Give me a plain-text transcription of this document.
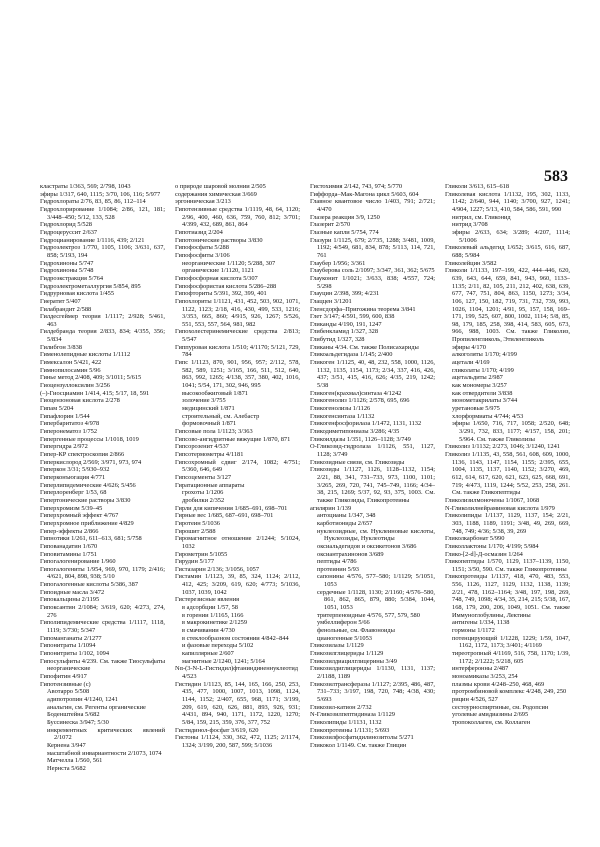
583

кластраты 1/363, 569; 2/798, 1043

эфиры 1/317, 640, 1115; 3/70, 106, 116; 5/977

Гидрохлораты 2/76, 83, 85, 86, 112–114

Гидрохлорирование 1/1084; 2/86, 121, 181; 3/448–450; 5/12, 133, 528

Гидрохлорид 5/528

Гидроцеруссит 2/637

Гидроцианирование 1/1116, 439; 2/121

Гидроэлектроз 1/770, 1105, 1106; 3/631, 637, 858; 5/193, 194

Гидрохиноны 5/747

Гидрохиноны 5/748

Гидроэкстракция 5/764

Гидроэлектрометаллургия 5/854, 895

Гидрурновая кислота 1/455

Гиератит 5/407

Гилабрандит 2/588

Гилдесгеймер теория 1/1117; 2/928; 5/461, 463

Гилдебранда теория 2/833, 834; 4/355, 356; 5/834

Гилибгон 3/838

Гименолепидные кислоты 1/1112

Гимексалон 5/421, 422

Гимнопилосамин 5/96

Гинье метод 2/408, 409; 3/1011; 5/615

Гиоцензуллоксилин 3/256

(–)-Гиосциамин 1/414, 415; 5/17, 18, 591

Гиоцензоновая кислота 2/278

Гипам 5/204

Гипафлорин 1/544

Гипербаритатоз 4/978

Гиперонематоз 1/752

Гипергенные процессы 1/1018, 1019

Гипергидра 2/972

Гипер-КР спектроскопия 2/866

Гиперкислород 2/569; 3/971, 973, 974

Гиперкон 3/31; 5/930–932

Гиперконъюгация 4/771

Гиперлипидемические 4/626; 5/456

Гиперлоренберг 1/53, 68

Гипертонические растворы 3/830

Гиперхромизм 5/39–45

Гиперхромный эффект 4/767

Гиперхромное приближение 4/829

Гипер-эффекты 2/866

Гипнотики 1/261, 611–613, 681; 5/758

Гипованадатин 1/670

Гиповитамины 1/751

Гипогалогенирование 1/960

Гипогалогениты 1/954, 969, 970, 1179; 2/416; 4/621, 804, 898, 938; 5/10

Гипогалогенные кислоты 5/386, 387

Гипоидные масла 3/472

Гипокальцины 2/1195

Гипоксантин 2/1084; 3/619, 620; 4/273, 274, 276

Гиполипидемические средства 1/1117, 1118, 1119; 3/730; 5/347

Гипоманганаты 2/1277

Гипонитраты 1/1094

Гипонитриты 1/102, 1094

Гипосульфиты 4/239. См. также Тиосульфаты неорганические

Гипофитин 4/917

Гипотензивные (с)

Авотарро 5/508

адипотропин 4/1240, 1241

анальгин, см. Регенты органические

Боденштейна 5/682

Буссинеска 3/947; 5/30

инкрементных критических явлений 2/1072

Кернена 3/947

масштабной инвариантности 2/1073, 1074

Матчелла 1/560, 561

Нернста 5/682

о природе шаровой молнии 2/505

содержания химическая 3/669

эргонническая 3/213

Гипотензивные средства 1/1119, 48, 64, 1120; 2/96, 400, 460, 636, 759, 760, 812; 3/701; 4/399, 432, 689, 861, 864

Гипотиазид 2/204

Гипотонические растворы 3/830

Гипофосфаты 5/288

Гипофосфиты 3/106

неорганические 1/1120; 5/288, 307

органические 1/1120, 1121

Гипофосфорная кислота 5/307

Гипофосфористая кислота 5/286–288

Гипофториты 5/391, 392, 399, 401

Гипохлориты 1/1121, 431, 452, 503, 902, 1071, 1122, 1123; 2/18, 416, 430, 499, 533, 1216; 3/353, 665, 860; 4/915, 926, 1267; 5/526, 551, 553, 557, 564, 981, 982

Гипохолестеринемические средства 2/813; 5/547

Гиппуровая кислота 1/510; 4/1170; 5/121, 729, 784

Гипс 1/1123, 870, 901, 956, 957; 2/112, 578, 582, 589, 1251; 3/165, 166, 511, 512, 640, 863, 992, 1265; 4/138, 357, 380, 402, 1016, 1041; 5/54, 171, 302, 946, 995

высокообжиговый 1/871

золочение 3/755

медицинский 1/871

строительный, см. Алебастр

формовочный 1/871

Гипсовые пола 1/1123; 3/363

Гипсово-ангидритные вяжущие 1/870, 871

Гипсорозенит 4/537

Гипсотермометры 4/1181

Гипсохромный сдвиг 2/174, 1082; 4/751; 5/360, 646, 649

Гипсоцементы 3/127

Гиратационные аппараты

грохоты 1/1206

дробилки 2/352

Гирли для кипячения 1/685–691, 698–701

Гирные вес 1/685, 687–691, 698–701

Гиротеин 5/1036

Гирошит 2/588

Гиромагнитное отношение 2/1244; 5/1024, 1032

Гирометрин 5/1055

Гирудин 5/177

Гистазарин 2/136; 3/1056, 1057

Гистамин 1/1123, 39, 85, 324, 1124; 2/112, 412, 425; 3/209, 619, 620; 4/773; 5/1036, 1037, 1039, 1042

Гистерезисные явления

в адсорбции 1/57, 58

в горении 1/1165, 1166

в макрокинетике 2/1259

в смачивании 4/730

в стеклообразном состоянии 4/842–844

и фазовые переходы 5/102

капиллярные 2/607

магнитные 2/1240, 1241; 5/164

Nα-(3-N-L-Гистидил)фтаниндиненнуклеотид 4/523

Гистидин 1/1123, 85, 144, 165, 166, 250, 253, 435, 477, 1000, 1007, 1013, 1098, 1124, 1144, 1152; 2/407, 655, 968, 1171; 3/199, 209, 619, 620, 626, 881, 893, 926, 931; 4/431, 894, 940, 1171, 1172, 1220, 1270; 5/84, 159, 215, 359, 376, 377, 752

Гистидинол-фосфат 3/619, 620

Гистоны 1/1124, 330, 362, 472, 1125; 2/1174, 1324; 3/199, 200, 587, 599; 5/1036

Гистохимия 2/142, 743, 974; 5/770

Гиффорда–Мак-Магона цикл 5/603, 604

Главное квантовое число 1/403, 791; 2/721; 4/470

Глазера реакция 3/9, 1250

Глазерит 2/570

Глазные капли 5/754, 774

Глазури 1/1125, 679; 2/735, 1288; 3/481, 1009, 1192; 4/549, 681, 834, 878; 5/113, 114, 721, 761

Глаубер 1/956; 3/361

Глауберова соль 2/1097; 3/347, 361, 362; 5/675

Глауконит 1/1021; 3/633, 838; 4/557, 724; 5/298

Глауцин 2/398, 399; 4/231

Глаццен 3/1201

Гленсдорфа–Пригожина теорема 3/841

Глет 3/147; 4/591, 599, 600, 838

Гликанды 4/190, 191, 1247

Глибенкламид 1/327, 328

Глибутид 1/327, 328

Гликаны 4/34. См. также Полисахариды

Гликоальдегидаза 1/145; 2/400

Гликоген 1/1125, 40, 48, 232, 558, 1000, 1126, 1132, 1135, 1154, 1173; 2/34, 337, 416, 426, 437; 3/51, 415, 416, 626; 4/35, 219, 1242; 5/38

Гликоген(крахмал)синтаза 4/1242

Гликогенолиз 1/1126; 2/578, 695, 696

Гликогенолизы 1/1126

Гликогенсинтаза 1/1132

Гликогенфосфорилаза 1/1472, 1131, 1132

Гликодиметипониазы 3/286; 4/35

Гликоилдазы 1/351, 1126–1128; 3/749

О-Гликозид-гидролаза 1/1126, 551, 1127, 1128; 3/749

Гликозидные связи, см. Гликозиды

Гликозиды 1/1127, 1126, 1128–1132, 1154; 2/21, 88, 341, 731–733, 973, 1100, 1101; 3/265, 269, 720, 741, 745–749, 1166; 4/34–38, 215, 1269; 5/37, 92, 93, 375, 1003. См. также Гликозиды, Гликопротеины

агилярин 1/139

антоцианы 1/347, 348

карботиониды 2/657

нуклеозидные, см. Нуклеиновые кислоты, Нуклеозиды, Нуклеотиды

оксиальдегидов и оксикетонов 3/686

оксиантрахинонов 3/689

пептиды 4/786

протеинин 5/93

сапонины 4/576, 577–580; 1/1129; 5/1051, 1053

сердечные 1/1128, 1130; 2/1160; 4/576–580, 861, 862, 865, 879, 880; 5/384, 1044, 1051, 1053

тритерпеноидные 4/576, 577, 579, 580

умбеллиферон 5/66

фенольные, см. Флавоноиды

цианогенные 5/1053

Гликозилазы 1/1129

Гликозилглицериды 1/1129

Гликозилдиацилглицерины 3/49

Гликозилдиглицериды 1/1130, 1131, 1137; 2/1188, 1189

Гликозилтрансферазы 1/1127; 2/395, 486, 487, 731–733; 3/197, 198, 720, 748; 4/38, 430; 5/693

Гликозил-катион 2/732

N-Гликозилпептидиназа 1/1129

Гликолипиды 1/1131, 1132

Гликопротеины 1/1131; 5/693

Гликозилфосфатидилинозитолы 5/271

Гликокол 1/1149. См. также Глицин

Гликоли 3/613, 615–618

Гликолевая кислота 1/1132, 195, 302, 1133, 1142; 2/640, 944, 1140; 3/700, 927, 1241; 4/904, 1227; 5/13, 410, 584, 586, 591, 990

нитрил, см. Гликонид

нитрид 3/708

эфиры 2/633, 634; 3/289; 4/207, 1114; 5/1006

Гликолевый альдегид 1/652; 3/615, 616, 687, 688; 5/984

Гликолейцин 3/582

Гликоли 1/1133, 197–199, 422, 444–446, 620, 639, 643, 644, 659, 841, 943, 960, 1133–1135; 2/11, 82, 105, 211, 212, 402, 638, 639, 677, 747, 751, 804, 863, 1150, 1273; 3/34, 106, 127, 150, 182, 719, 731, 732, 739, 993, 1026, 1104, 1201; 4/91, 95, 157, 158, 169–171, 199, 525, 607, 800, 1002, 1114; 5/8, 85, 98, 179, 185, 258, 398, 414, 583, 605, 673, 966, 988, 1003. См. также Гликолиз, Пропиленгликоль, Этиленгликоль

эфиры 4/170

алкоголяты 1/170; 4/199

ацетали 4/169

гликолаты 1/170; 4/199

ацетальдиты 2/987

как мономеры 3/257

как отвердители 3/838

монометакрилаты 3/744

уретановые 5/975

хлорформиаты 4/744; 4/53

эфиры 1/650, 716, 717, 1058; 2/520, 648; 3/291, 732, 833, 1177; 4/157, 158, 201; 5/964. См. также Гликолизы

Гликолиз 1/1132; 2/273, 1046; 3/1240, 1241

Гликолиз 1/1135, 43, 558, 561, 608, 609, 1000, 1136, 1143, 1147, 1154, 1155; 2/395, 655, 1004, 1135, 1137, 1140, 1152; 3/270, 469, 612, 614, 617, 620, 621, 623, 625, 668, 691, 719; 4/473, 1119, 1244; 5/52, 253, 258, 261. См. также Гликопептиды

Гликолизилмоночены 1/1067, 1068

N-Гликолилнейраминовая кислота 1/979

Гликолипиды 1/1137, 1129, 1137, 154; 2/21, 303, 1188, 1189, 1191; 3/48, 49, 269, 669, 748, 749; 4/36; 5/38, 39, 269

Гликолкарбонат 5/990

Гликоллактоны 1/170; 4/199; 5/984

Глико-[2-d]-Д-осмазин 1/264

Гликопептиды 1/570, 1129, 1137–1139, 1150, 1151; 3/50, 590. См. также Гликопротеины

Гликопротеиды 1/1137, 418, 470, 483, 553, 556, 1126, 1127, 1129, 1132, 1138, 1139; 2/21, 478, 1162–1164; 3/48, 197, 198, 269, 748, 749, 1098; 4/34, 35, 214, 215; 5/38, 167, 168, 179, 200, 206, 1049, 1051. См. также Иммуноглобулины, Лектины

антигены 1/334, 1138

гормоны 1/1172

потенцирующий 1/1228, 1229; 1/59, 1047, 1162, 1172, 1173; 3/401; 4/1169

тиреотропный 4/1169, 516, 758, 1170; 1/39, 1172; 2/1222; 5/218, 605

интерферонны 2/487

моноамиказы 3/253, 254

плазмы крови 4/248–250, 468, 469

протромбиновой комплекс 4/248, 249, 250

рицин 4/526, 527

сестоурноспиртиные, см. Родопсин

уголевые амидиазины 2/695

тропоколлаген, см. Коллаген
